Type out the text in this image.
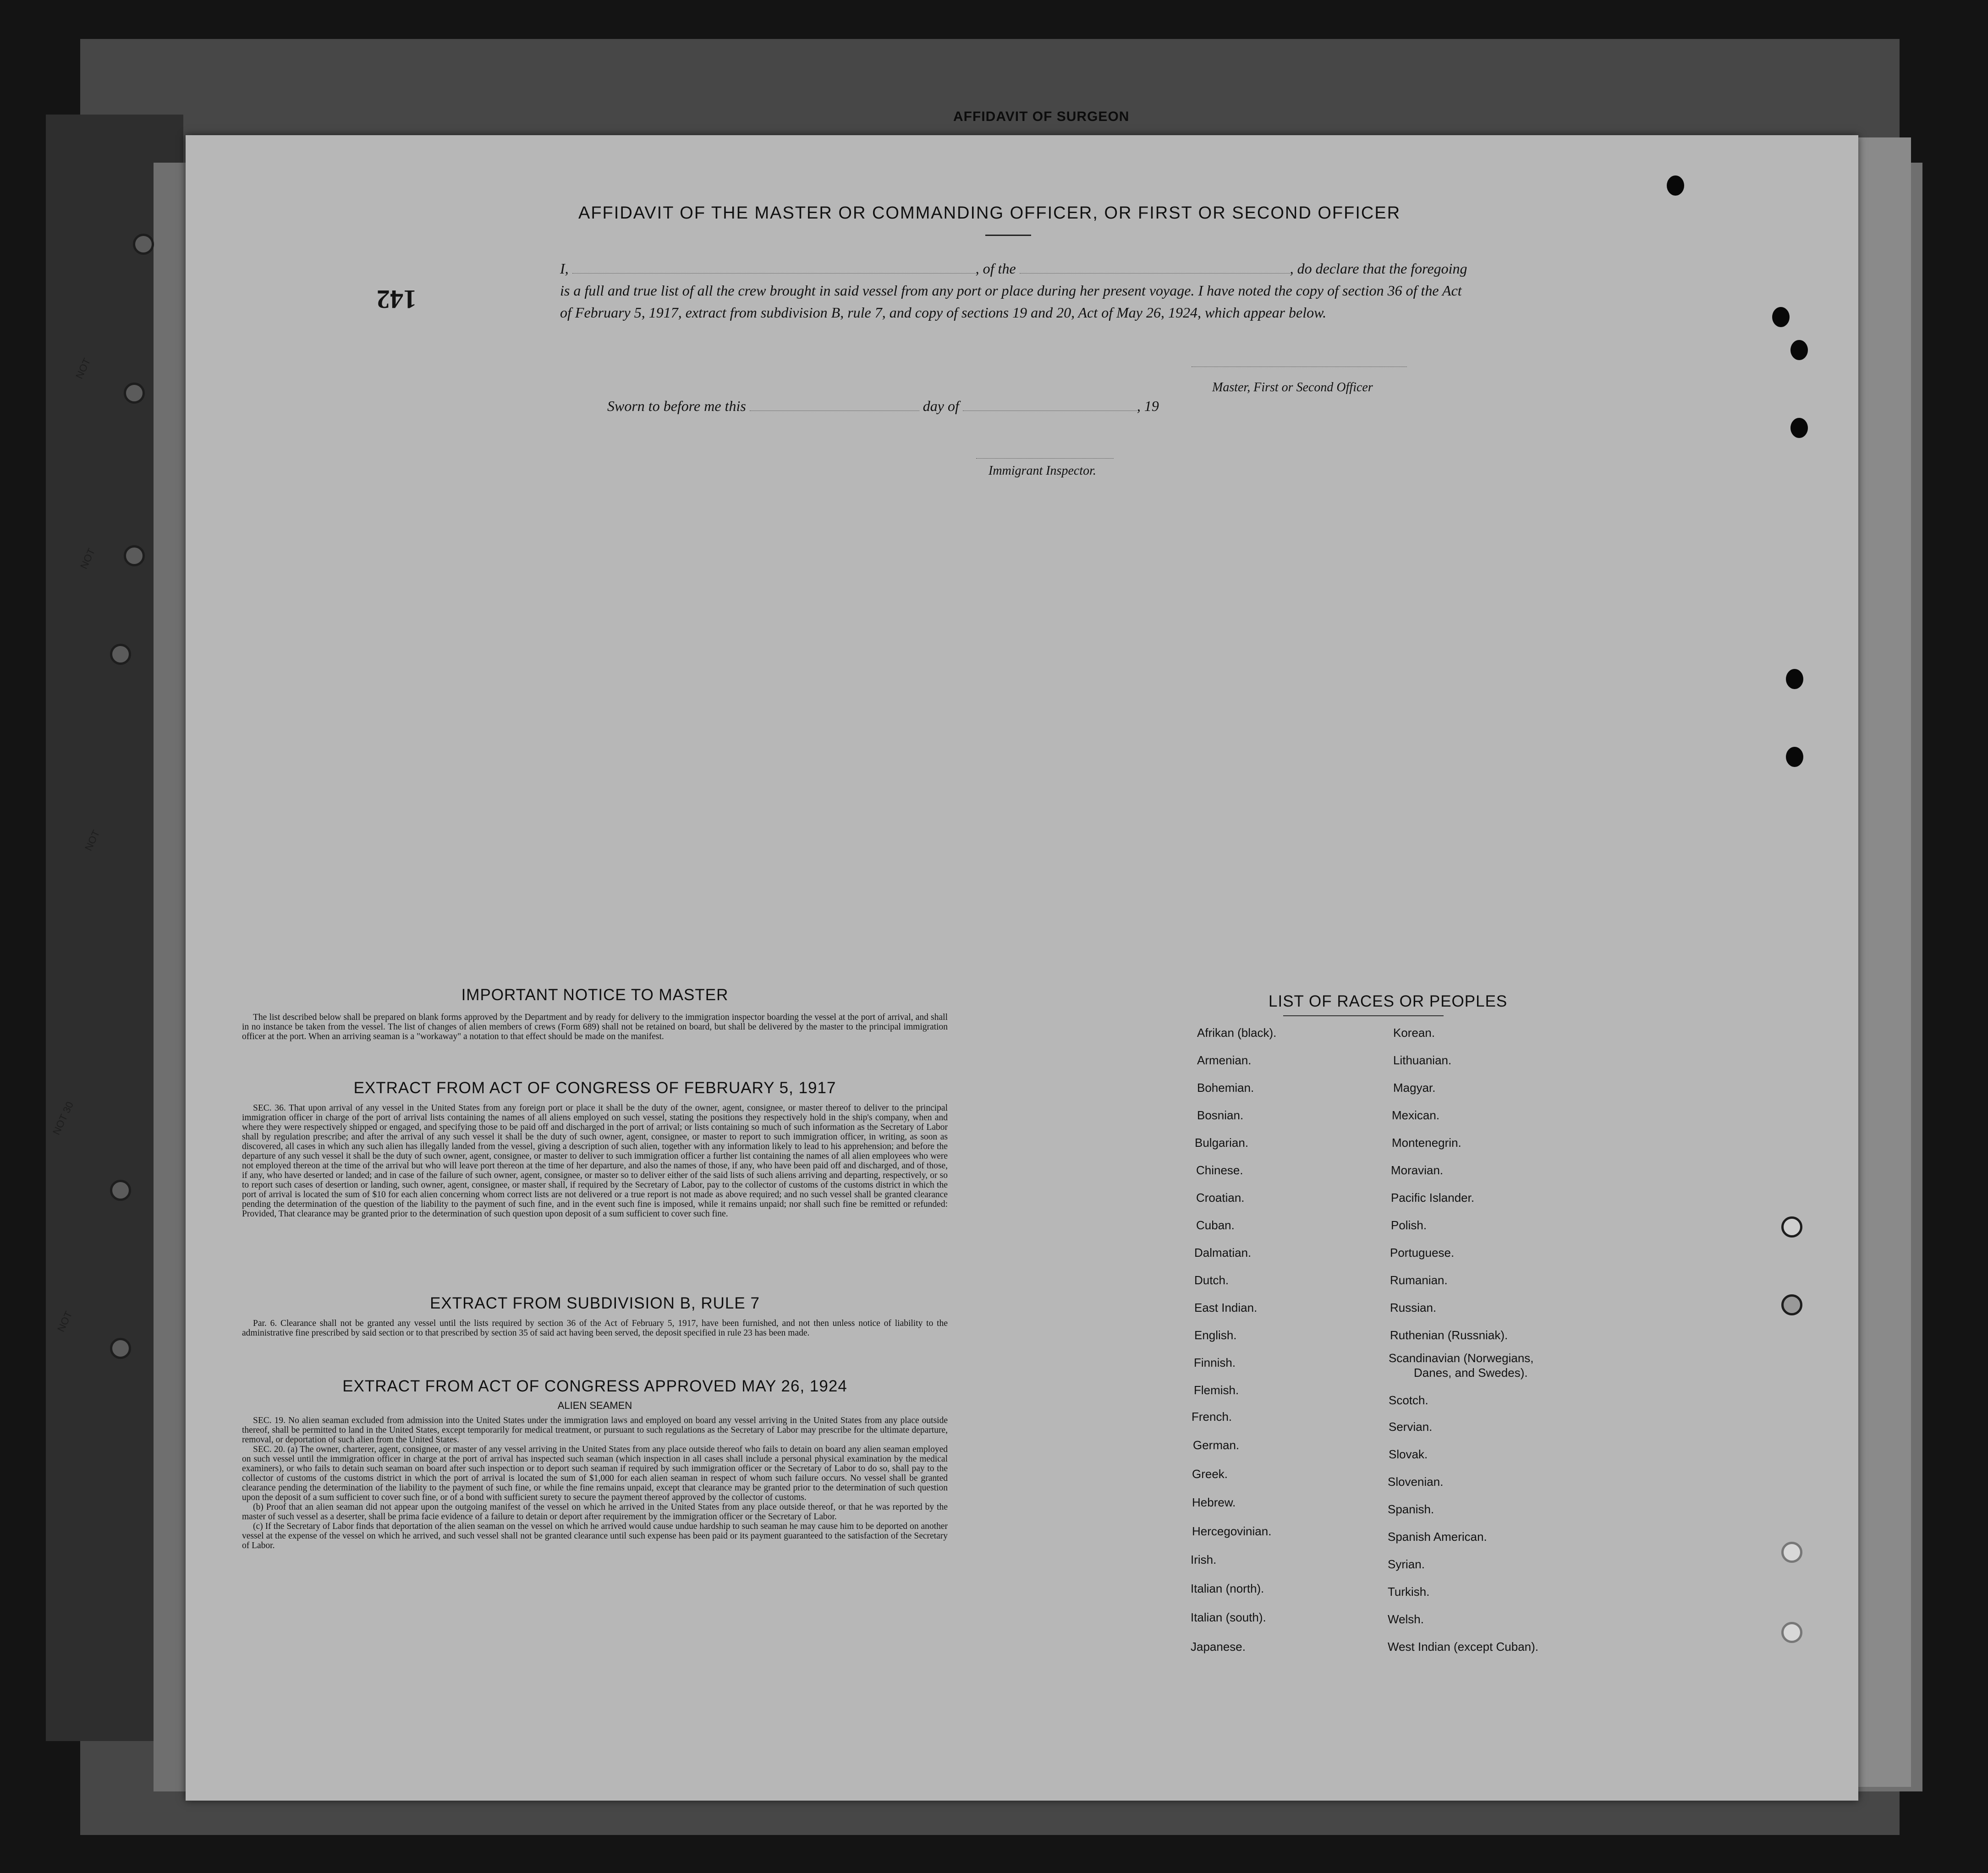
AFFIDAVIT OF SURGEON
NOT
NOT
NOT
NOT 30
NOT
142
AFFIDAVIT OF THE MASTER OR COMMANDING OFFICER, OR FIRST OR SECOND OFFICER
I,	, of the	, do declare that the foregoing is a full and true list of all the crew brought in said vessel from any port or place during her present voyage. I have noted the copy of section 36 of the Act of February 5, 1917, extract from subdivision B, rule 7, and copy of sections 19 and 20, Act of May 26, 1924, which appear below.
Master, First or Second Officer
Sworn to before me this	day of	, 19
Immigrant Inspector.
IMPORTANT NOTICE TO MASTER

The list described below shall be prepared on blank forms approved by the Department and by ready for delivery to the immigration inspector boarding the vessel at the port of arrival, and shall in no instance be taken from the vessel. The list of changes of alien members of crews (Form 689) shall not be retained on board, but shall be delivered by the master to the principal immigration officer at the port. When an arriving seaman is a "workaway" a notation to that effect should be made on the manifest.

EXTRACT FROM ACT OF CONGRESS OF FEBRUARY 5, 1917

SEC. 36. That upon arrival of any vessel in the United States from any foreign port or place it shall be the duty of the owner, agent, consignee, or master thereof to deliver to the principal immigration officer in charge of the port of arrival lists containing the names of all aliens employed on such vessel, stating the positions they respectively hold in the ship's company, when and where they were respectively shipped or engaged, and specifying those to be paid off and discharged in the port of arrival; or lists containing so much of such information as the Secretary of Labor shall by regulation prescribe; and after the arrival of any such vessel it shall be the duty of such owner, agent, consignee, or master to report to such immigration officer, in writing, as soon as discovered, all cases in which any such alien has illegally landed from the vessel, giving a description of such alien, together with any information likely to lead to his apprehension; and before the departure of any such vessel it shall be the duty of such owner, agent, consignee, or master to deliver to such immigration officer a further list containing the names of all alien employees who were not employed thereon at the time of the arrival but who will leave port thereon at the time of her departure, and also the names of those, if any, who have been paid off and discharged, and of those, if any, who have deserted or landed; and in case of the failure of such owner, agent, consignee, or master so to deliver either of the said lists of such aliens arriving and departing, respectively, or so to report such cases of desertion or landing, such owner, agent, consignee, or master shall, if required by the Secretary of Labor, pay to the collector of customs of the customs district in which the port of arrival is located the sum of $10 for each alien concerning whom correct lists are not delivered or a true report is not made as above required; and no such vessel shall be granted clearance pending the determination of the question of the liability to the payment of such fine, and in the event such fine is imposed, while it remains unpaid; nor shall such fine be remitted or refunded: Provided, That clearance may be granted prior to the determination of such question upon deposit of a sum sufficient to cover such fine.

EXTRACT FROM SUBDIVISION B, RULE 7

Par. 6. Clearance shall not be granted any vessel until the lists required by section 36 of the Act of February 5, 1917, have been furnished, and not then unless notice of liability to the administrative fine prescribed by said section or to that prescribed by section 35 of said act having been served, the deposit specified in rule 23 has been made.

EXTRACT FROM ACT OF CONGRESS APPROVED MAY 26, 1924
ALIEN SEAMEN

SEC. 19. No alien seaman excluded from admission into the United States under the immigration laws and employed on board any vessel arriving in the United States from any place outside thereof, shall be permitted to land in the United States, except temporarily for medical treatment, or pursuant to such regulations as the Secretary of Labor may prescribe for the ultimate departure, removal, or deportation of such alien from the United States.

SEC. 20. (a) The owner, charterer, agent, consignee, or master of any vessel arriving in the United States from any place outside thereof who fails to detain on board any alien seaman employed on such vessel until the immigration officer in charge at the port of arrival has inspected such seaman (which inspection in all cases shall include a personal physical examination by the medical examiners), or who fails to detain such seaman on board after such inspection or to deport such seaman if required by such immigration officer or the Secretary of Labor to do so, shall pay to the collector of customs of the customs district in which the port of arrival is located the sum of $1,000 for each alien seaman in respect of whom such failure occurs. No vessel shall be granted clearance pending the determination of the liability to the payment of such fine, or while the fine remains unpaid, except that clearance may be granted prior to the determination of such question upon the deposit of a sum sufficient to cover such fine, or of a bond with sufficient surety to secure the payment thereof approved by the collector of customs.

(b) Proof that an alien seaman did not appear upon the outgoing manifest of the vessel on which he arrived in the United States from any place outside thereof, or that he was reported by the master of such vessel as a deserter, shall be prima facie evidence of a failure to detain or deport after requirement by the immigration officer or the Secretary of Labor.

(c) If the Secretary of Labor finds that deportation of the alien seaman on the vessel on which he arrived would cause undue hardship to such seaman he may cause him to be deported on another vessel at the expense of the vessel on which he arrived, and such vessel shall not be granted clearance until such expense has been paid or its payment guaranteed to the satisfaction of the Secretary of Labor.

LIST OF RACES OR PEOPLES
Afrikan (black).
Armenian.
Bohemian.
Bosnian.
Bulgarian.
Chinese.
Croatian.
Cuban.
Dalmatian.
Dutch.
East Indian.
English.
Finnish.
Flemish.
French.
German.
Greek.
Hebrew.
Hercegovinian.
Irish.
Italian (north).
Italian (south).
Japanese.
Korean.
Lithuanian.
Magyar.
Mexican.
Montenegrin.
Moravian.
Pacific Islander.
Polish.
Portuguese.
Rumanian.
Russian.
Ruthenian (Russniak).
Scandinavian (Norwegians,
Danes, and Swedes).
Scotch.
Servian.
Slovak.
Slovenian.
Spanish.
Spanish American.
Syrian.
Turkish.
Welsh.
West Indian (except Cuban).
